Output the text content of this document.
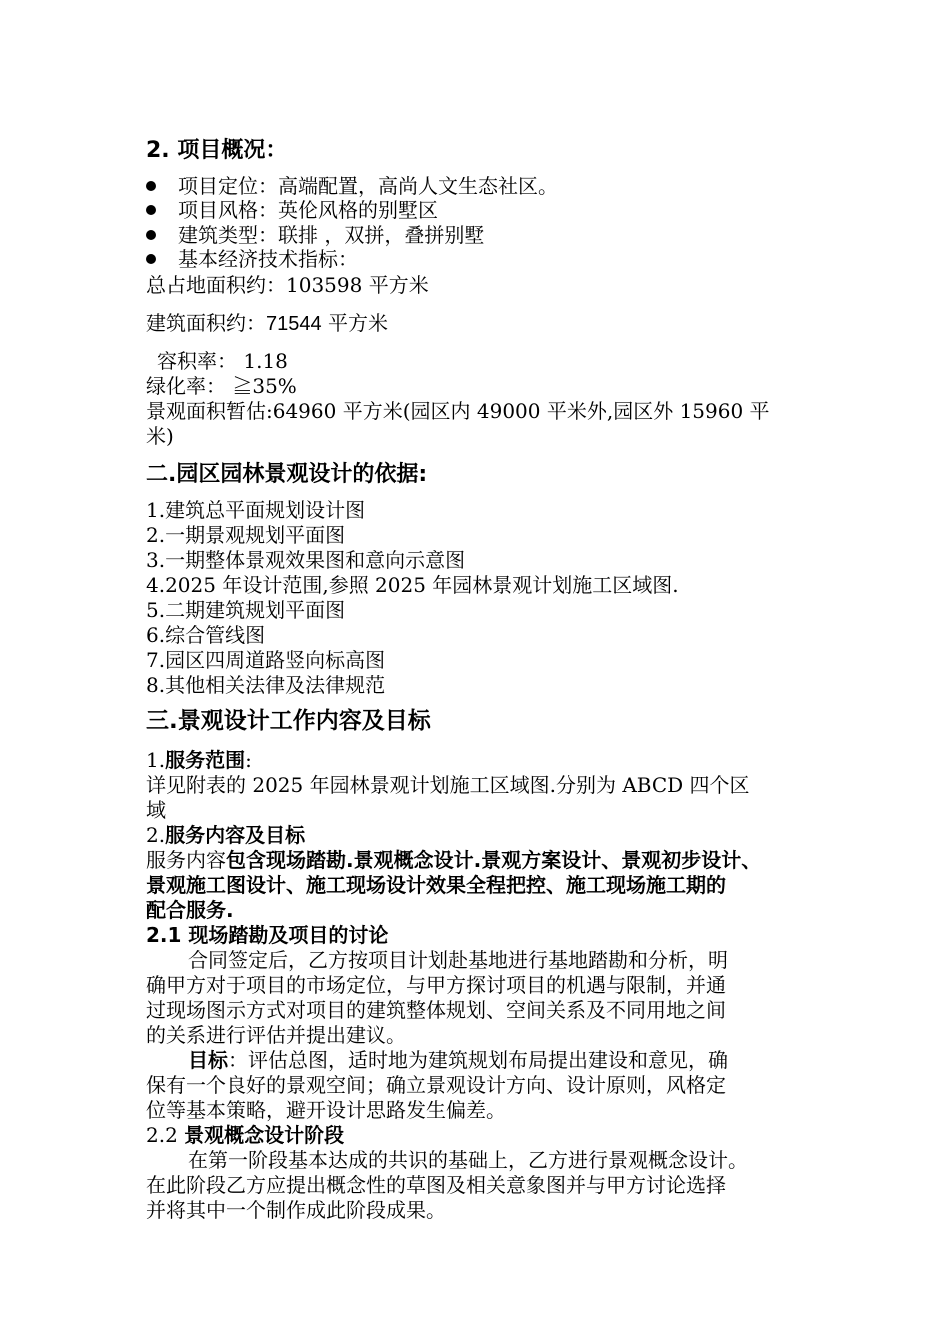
2. 项目概况：
项目定位：高端配置，高尚人文生态社区。
项目风格：英伦风格的别墅区
建筑类型：联排 ，双拼，叠拼别墅
基本经济技术指标：
总占地面积约：103598 平方米
建筑面积约：71544 平方米
容积率： 1.18
绿化率： ≧35%
景观面积暂估:64960 平方米(园区内 49000 平米外,园区外 15960 平
米)
二.园区园林景观设计的依据:
1.建筑总平面规划设计图
2.一期景观规划平面图
3.一期整体景观效果图和意向示意图
4.2025 年设计范围,参照 2025 年园林景观计划施工区域图.
5.二期建筑规划平面图
6.综合管线图
7.园区四周道路竖向标高图
8.其他相关法律及法律规范
三.景观设计工作内容及目标
1.服务范围:
详见附表的 2025 年园林景观计划施工区域图.分别为 ABCD 四个区
域
2.服务内容及目标
服务内容包含现场踏勘.景观概念设计.景观方案设计、景观初步设计、
景观施工图设计、施工现场设计效果全程把控、施工现场施工期的
配合服务.
2.1 现场踏勘及项目的讨论
合同签定后，乙方按项目计划赴基地进行基地踏勘和分析，明
确甲方对于项目的市场定位，与甲方探讨项目的机遇与限制，并通
过现场图示方式对项目的建筑整体规划、空间关系及不同用地之间
的关系进行评估并提出建议。
目标：评估总图，适时地为建筑规划布局提出建设和意见，确
保有一个良好的景观空间；确立景观设计方向、设计原则，风格定
位等基本策略，避开设计思路发生偏差。
2.2 景观概念设计阶段
在第一阶段基本达成的共识的基础上，乙方进行景观概念设计。
在此阶段乙方应提出概念性的草图及相关意象图并与甲方讨论选择
并将其中一个制作成此阶段成果。
